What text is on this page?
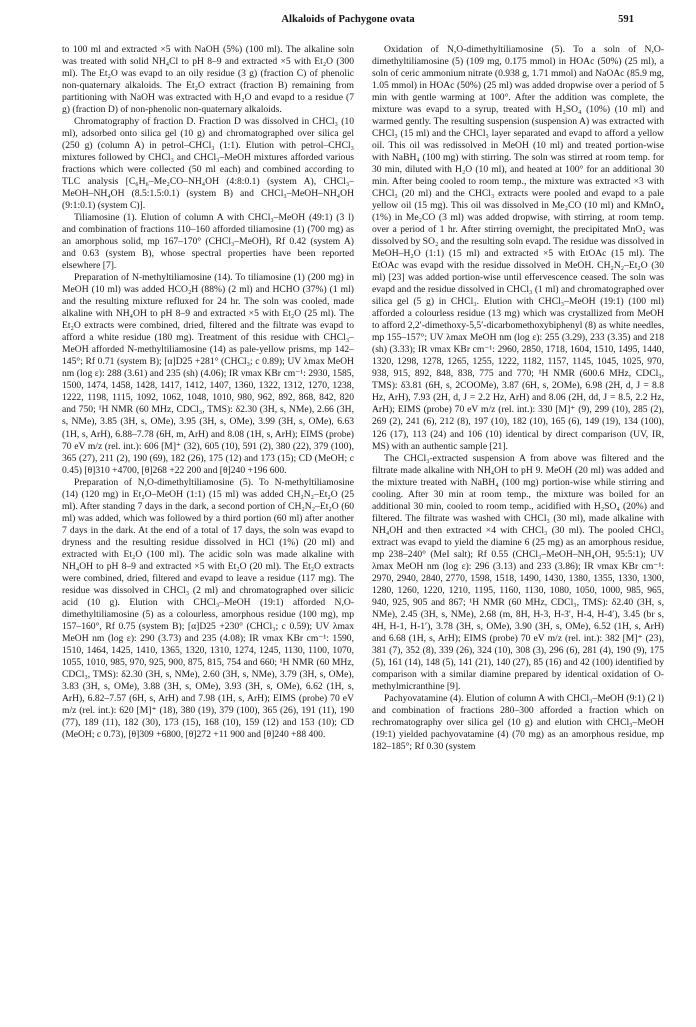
Alkaloids of Pachygone ovata	591

to 100 ml and extracted ×5 with NaOH (5%) (100 ml). The alkaline soln was treated with solid NH₄Cl to pH 8–9 and extracted ×5 with Et₂O (300 ml). The Et₂O was evapd to an oily residue (3 g) (fraction C) of phenolic non-quaternary alkaloids. The Et₂O extract (fraction B) remaining from partitioning with NaOH was extracted with H₂O and evapd to a residue (7 g) (fraction D) of non-phenolic non-quaternary alkaloids.

Chromatography of fraction D. Fraction D was dissolved in CHCl₃ (10 ml), adsorbed onto silica gel (10 g) and chromatographed over silica gel (250 g) (column A) in petrol–CHCl₃ (1:1). Elution with petrol–CHCl₃ mixtures followed by CHCl₃ and CHCl₃–MeOH mixtures afforded various fractions which were collected (50 ml each) and combined according to TLC analysis [C₆H₆–Me₂CO–NH₄OH (4:8:0.1) (system A), CHCl₃–MeOH–NH₄OH (8.5:1.5:0.1) (system B) and CHCl₃–MeOH–NH₄OH (9:1:0.1) (system C)].

Tiliamosine (1). Elution of column A with CHCl₃–MeOH (49:1) (3 l) and combination of fractions 110–160 afforded tiliamosine (1) (700 mg) as an amorphous solid, mp 167–170° (CHCl₃–MeOH), Rf 0.42 (system A) and 0.63 (system B), whose spectral properties have been reported elsewhere [7].

Preparation of N-methyltiliamosine (14). To tiliamosine (1) (200 mg) in MeOH (10 ml) was added HCO₂H (88%) (2 ml) and HCHO (37%) (1 ml) and the resulting mixture refluxed for 24 hr. The soln was cooled, made alkaline with NH₄OH to pH 8–9 and extracted ×5 with Et₂O (25 ml). The Et₂O extracts were combined, dried, filtered and the filtrate was evapd to afford a white residue (180 mg). Treatment of this residue with CHCl₃–MeOH afforded N-methyltiliamosine (14) as pale-yellow prisms, mp 142–145°; Rf 0.71 (system B); [α]D25 +281° (CHCl₃; c 0.89); UV λmax MeOH nm (log ε): 288 (3.61) and 235 (sh) (4.06); IR νmax KBr cm⁻¹: 2930, 1585, 1500, 1474, 1458, 1428, 1417, 1412, 1407, 1360, 1322, 1312, 1270, 1238, 1222, 1198, 1115, 1092, 1062, 1048, 1010, 980, 962, 892, 868, 842, 820 and 750; ¹H NMR (60 MHz, CDCl₃, TMS): δ2.30 (3H, s, NMe), 2.66 (3H, s, NMe), 3.85 (3H, s, OMe), 3.95 (3H, s, OMe), 3.99 (3H, s, OMe), 6.63 (1H, s, ArH), 6.88–7.78 (6H, m, ArH) and 8.08 (1H, s, ArH); EIMS (probe) 70 eV m/z (rel. int.): 606 [M]⁺ (32), 605 (10), 591 (2), 380 (22), 379 (100), 365 (27), 211 (2), 190 (69), 182 (26), 175 (12) and 173 (15); CD (MeOH; c 0.45) [θ]310 +4700, [θ]268 +22 200 and [θ]240 +196 600.

Preparation of N,O-dimethyltiliamosine (5). To N-methyltiliamosine (14) (120 mg) in Et₂O–MeOH (1:1) (15 ml) was added CH₂N₂–Et₂O (25 ml). After standing 7 days in the dark, a second portion of CH₂N₂–Et₂O (60 ml) was added, which was followed by a third portion (60 ml) after another 7 days in the dark. At the end of a total of 17 days, the soln was evapd to dryness and the resulting residue dissolved in HCl (1%) (20 ml) and extracted with Et₂O (100 ml). The acidic soln was made alkaline with NH₄OH to pH 8–9 and extracted ×5 with Et₂O (20 ml). The Et₂O extracts were combined, dried, filtered and evapd to leave a residue (117 mg). The residue was dissolved in CHCl₃ (2 ml) and chromatographed over silicic acid (10 g). Elution with CHCl₃–MeOH (19:1) afforded N,O-dimethyltiliamosine (5) as a colourless, amorphous residue (100 mg), mp 157–160°, Rf 0.75 (system B); [α]D25 +230° (CHCl₃; c 0.59); UV λmax MeOH nm (log ε): 290 (3.73) and 235 (4.08); IR νmax KBr cm⁻¹: 1590, 1510, 1464, 1425, 1410, 1365, 1320, 1310, 1274, 1245, 1130, 1100, 1070, 1055, 1010, 985, 970, 925, 900, 875, 815, 754 and 660; ¹H NMR (60 MHz, CDCl₃, TMS): δ2.30 (3H, s, NMe), 2.60 (3H, s, NMe), 3.79 (3H, s, OMe), 3.83 (3H, s, OMe), 3.88 (3H, s, OMe), 3.93 (3H, s, OMe), 6.62 (1H, s, ArH), 6.82–7.57 (6H, s, ArH) and 7.98 (1H, s, ArH); EIMS (probe) 70 eV m/z (rel. int.): 620 [M]⁺ (18), 380 (19), 379 (100), 365 (26), 191 (11), 190 (77), 189 (11), 182 (30), 173 (15), 168 (10), 159 (12) and 153 (10); CD (MeOH; c 0.73), [θ]309 +6800, [θ]272 +11 900 and [θ]240 +88 400.

Oxidation of N,O-dimethyltiliamosine (5). To a soln of N,O-dimethyltiliamosine (5) (109 mg, 0.175 mmol) in HOAc (50%) (25 ml), a soln of ceric ammonium nitrate (0.938 g, 1.71 mmol) and NaOAc (85.9 mg, 1.05 mmol) in HOAc (50%) (25 ml) was added dropwise over a period of 5 min with gentle warming at 100°. After the addition was complete, the mixture was evapd to a syrup, treated with H₂SO₄ (10%) (10 ml) and warmed gently. The resulting suspension (suspension A) was extracted with CHCl₃ (15 ml) and the CHCl₃ layer separated and evapd to afford a yellow oil. This oil was redissolved in MeOH (10 ml) and treated portion-wise with NaBH₄ (100 mg) with stirring. The soln was stirred at room temp. for 30 min, diluted with H₂O (10 ml), and heated at 100° for an additional 30 min. After being cooled to room temp., the mixture was extracted ×3 with CHCl₃ (20 ml) and the CHCl₃ extracts were pooled and evapd to a pale yellow oil (15 mg). This oil was dissolved in Me₂CO (10 ml) and KMnO₄ (1%) in Me₂CO (3 ml) was added dropwise, with stirring, at room temp. over a period of 1 hr. After stirring overnight, the precipitated MnO₂ was dissolved by SO₂ and the resulting soln evapd. The residue was dissolved in MeOH–H₂O (1:1) (15 ml) and extracted ×5 with EtOAc (15 ml). The EtOAc was evapd with the residue dissolved in MeOH. CH₂N₂–Et₂O (30 ml) [23] was added portion-wise until effervescence ceased. The soln was evapd and the residue dissolved in CHCl₃ (1 ml) and chromatographed over silica gel (5 g) in CHCl₃. Elution with CHCl₃–MeOH (19:1) (100 ml) afforded a colourless residue (13 mg) which was crystallized from MeOH to afford 2,2′-dimethoxy-5,5′-dicarbomethoxybiphenyl (8) as white needles, mp 155–157°; UV λmax MeOH nm (log ε): 255 (3.29), 233 (3.35) and 218 (sh) (3.33); IR νmax KBr cm⁻¹: 2960, 2850, 1718, 1604, 1510, 1495, 1440, 1320, 1298, 1278, 1265, 1255, 1222, 1182, 1157, 1145, 1045, 1025, 970, 938, 915, 892, 848, 838, 775 and 770; ¹H NMR (600.6 MHz, CDCl₃, TMS): δ3.81 (6H, s, 2COOMe), 3.87 (6H, s, 2OMe), 6.98 (2H, d, J = 8.8 Hz, ArH), 7.93 (2H, d, J = 2.2 Hz, ArH) and 8.06 (2H, dd, J = 8.5, 2.2 Hz, ArH); EIMS (probe) 70 eV m/z (rel. int.): 330 [M]⁺ (9), 299 (10), 285 (2), 269 (2), 241 (6), 212 (8), 197 (10), 182 (10), 165 (6), 149 (19), 134 (100), 126 (17), 113 (24) and 106 (10) identical by direct comparison (UV, IR, MS) with an authentic sample [21].

The CHCl₃-extracted suspension A from above was filtered and the filtrate made alkaline with NH₄OH to pH 9. MeOH (20 ml) was added and the mixture treated with NaBH₄ (100 mg) portion-wise while stirring and cooling. After 30 min at room temp., the mixture was boiled for an additional 30 min, cooled to room temp., acidified with H₂SO₄ (20%) and filtered. The filtrate was washed with CHCl₃ (30 ml), made alkaline with NH₄OH and then extracted ×4 with CHCl₃ (30 ml). The pooled CHCl₃ extract was evapd to yield the diamine 6 (25 mg) as an amorphous residue, mp 238–240° (MeI salt); Rf 0.55 (CHCl₃–MeOH–NH₄OH, 95:5:1); UV λmax MeOH nm (log ε): 296 (3.13) and 233 (3.86); IR νmax KBr cm⁻¹: 2970, 2940, 2840, 2770, 1598, 1518, 1490, 1430, 1380, 1355, 1330, 1300, 1280, 1260, 1220, 1210, 1195, 1160, 1130, 1080, 1050, 1000, 985, 965, 940, 925, 905 and 867; ¹H NMR (60 MHz, CDCl₃, TMS): δ2.40 (3H, s, NMe), 2.45 (3H, s, NMe), 2.68 (m, 8H, H-3, H-3′, H-4, H-4′), 3.45 (br s, 4H, H-1, H-1′), 3.78 (3H, s, OMe), 3.90 (3H, s, OMe), 6.52 (1H, s, ArH) and 6.68 (1H, s, ArH); EIMS (probe) 70 eV m/z (rel. int.): 382 [M]⁺ (23), 381 (7), 352 (8), 339 (26), 324 (10), 308 (3), 296 (6), 281 (4), 190 (9), 175 (5), 161 (14), 148 (5), 141 (21), 140 (27), 85 (16) and 42 (100) identified by comparison with a similar diamine prepared by identical oxidation of O-methylmicranthine [9].

Pachyovatamine (4). Elution of column A with CHCl₃–MeOH (9:1) (2 l) and combination of fractions 280–300 afforded a fraction which on rechromatography over silica gel (10 g) and elution with CHCl₃–MeOH (19:1) yielded pachyovatamine (4) (70 mg) as an amorphous residue, mp 182–185°; Rf 0.30 (system
